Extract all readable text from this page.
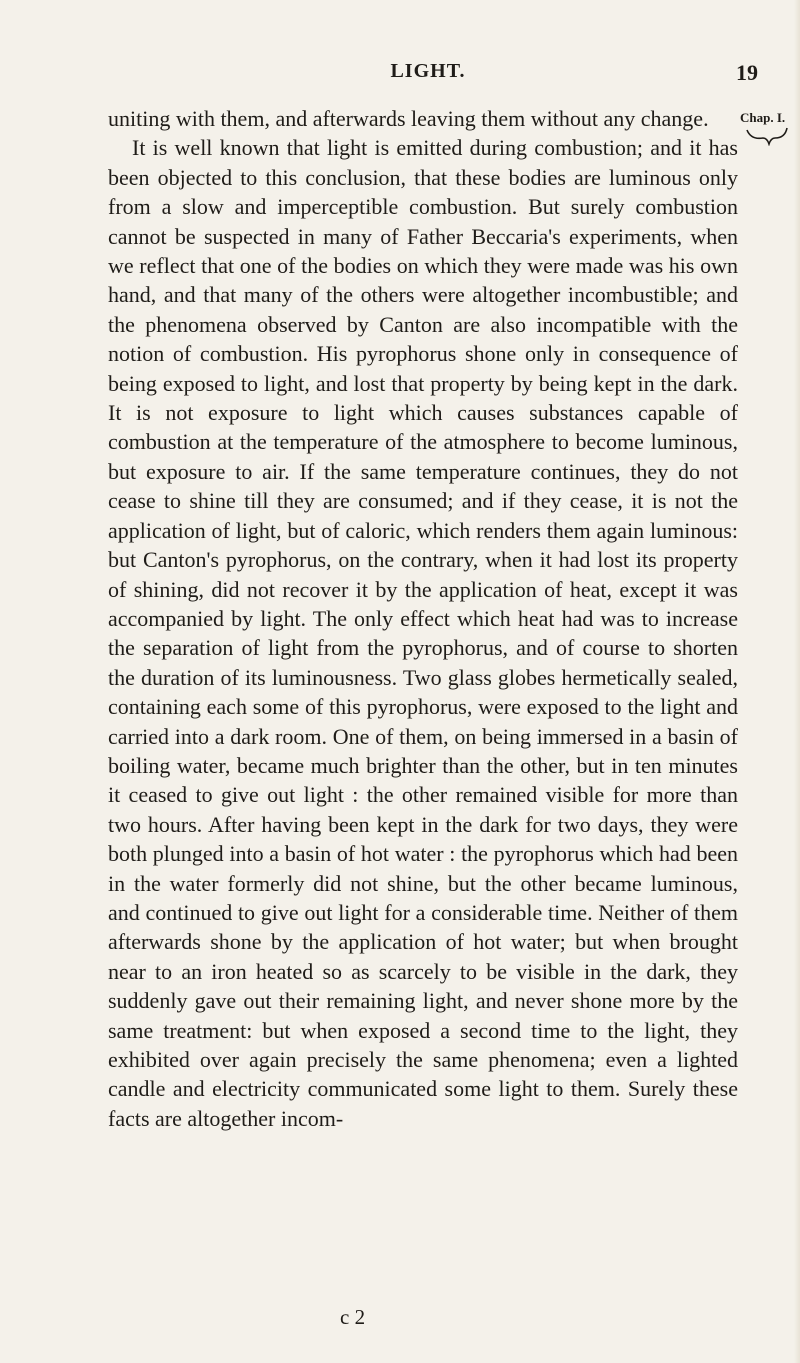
LIGHT.	19
Chap. I.

uniting with them, and afterwards leaving them without any change.

It is well known that light is emitted during combustion; and it has been objected to this conclusion, that these bodies are luminous only from a slow and imperceptible combustion. But surely combustion cannot be suspected in many of Father Beccaria's experiments, when we reflect that one of the bodies on which they were made was his own hand, and that many of the others were altogether incombustible; and the phenomena observed by Canton are also incompatible with the notion of combustion. His pyrophorus shone only in consequence of being exposed to light, and lost that property by being kept in the dark. It is not exposure to light which causes substances capable of combustion at the temperature of the atmosphere to become luminous, but exposure to air. If the same temperature continues, they do not cease to shine till they are consumed; and if they cease, it is not the application of light, but of caloric, which renders them again luminous: but Canton's pyrophorus, on the contrary, when it had lost its property of shining, did not recover it by the application of heat, except it was accompanied by light. The only effect which heat had was to increase the separation of light from the pyrophorus, and of course to shorten the duration of its luminousness. Two glass globes hermetically sealed, containing each some of this pyrophorus, were exposed to the light and carried into a dark room. One of them, on being immersed in a basin of boiling water, became much brighter than the other, but in ten minutes it ceased to give out light : the other remained visible for more than two hours. After having been kept in the dark for two days, they were both plunged into a basin of hot water : the pyrophorus which had been in the water formerly did not shine, but the other became luminous, and continued to give out light for a considerable time. Neither of them afterwards shone by the application of hot water; but when brought near to an iron heated so as scarcely to be visible in the dark, they suddenly gave out their remaining light, and never shone more by the same treatment: but when exposed a second time to the light, they exhibited over again precisely the same phenomena; even a lighted candle and electricity communicated some light to them. Surely these facts are altogether incom-

c 2
